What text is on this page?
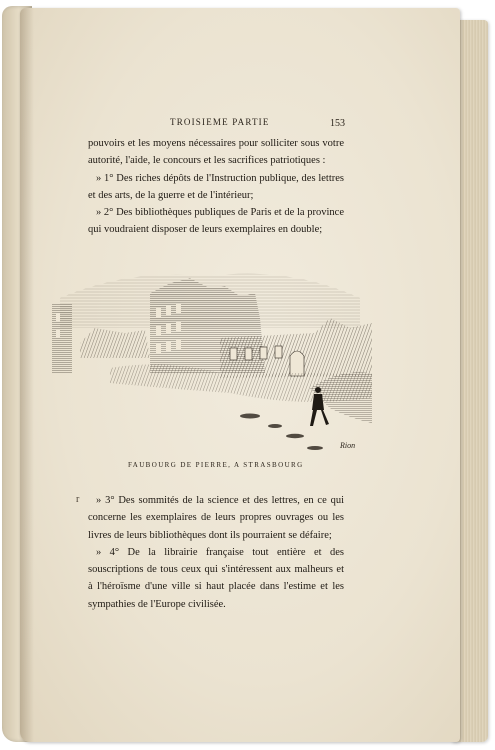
TROISIEME PARTIE	153

pouvoirs et les moyens nécessaires pour solliciter sous votre autorité, l'aide, le concours et les sacrifices patriotiques :

» 1° Des riches dépôts de l'Instruction publique, des lettres et des arts, de la guerre et de l'intérieur;

» 2° Des bibliothèques publiques de Paris et de la province qui voudraient disposer de leurs exemplaires en double;

Rion
FAUBOURG DE PIERRE, A STRASBOURG
r	» 3° Des sommités de la science et des lettres, en ce qui concerne les exemplaires de leurs propres ouvrages ou les livres de leurs bibliothèques dont ils pourraient se défaire;

» 4° De la librairie française tout entière et des souscriptions de tous ceux qui s'intéressent aux malheurs et à l'héroïsme d'une ville si haut placée dans l'estime et les sympathies de l'Europe civilisée.
